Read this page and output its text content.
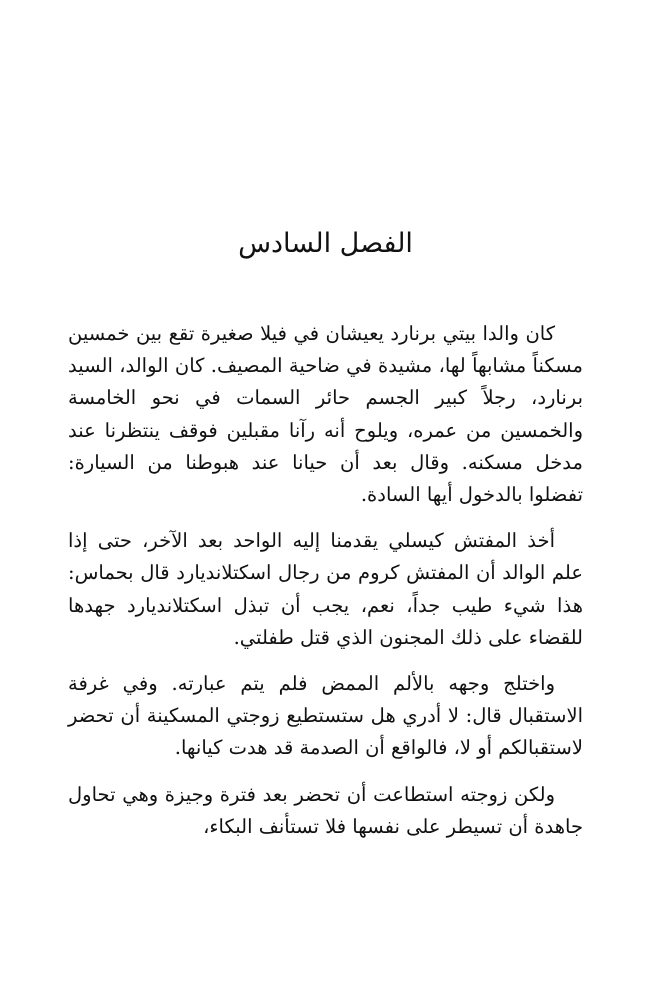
الفصل السادس

كان والدا بيتي برنارد يعيشان في فيلا صغيرة تقع بين خمسين مسكناً مشابهاً لها، مشيدة في ضاحية المصيف. كان الوالد، السيد برنارد، رجلاً كبير الجسم حائر السمات في نحو الخامسة والخمسين من عمره، ويلوح أنه رآنا مقبلين فوقف ينتظرنا عند مدخل مسكنه. وقال بعد أن حيانا عند هبوطنا من السيارة: تفضلوا بالدخول أيها السادة.

أخذ المفتش كيسلي يقدمنا إليه الواحد بعد الآخر، حتى إذا علم الوالد أن المفتش كروم من رجال اسكتلانديارد قال بحماس: هذا شيء طيب جداً، نعم، يجب أن تبذل اسكتلانديارد جهدها للقضاء على ذلك المجنون الذي قتل طفلتي.

واختلج وجهه بالألم الممض فلم يتم عبارته. وفي غرفة الاستقبال قال: لا أدري هل ستستطيع زوجتي المسكينة أن تحضر لاستقبالكم أو لا، فالواقع أن الصدمة قد هدت كيانها.

ولكن زوجته استطاعت أن تحضر بعد فترة وجيزة وهي تحاول جاهدة أن تسيطر على نفسها فلا تستأنف البكاء،
